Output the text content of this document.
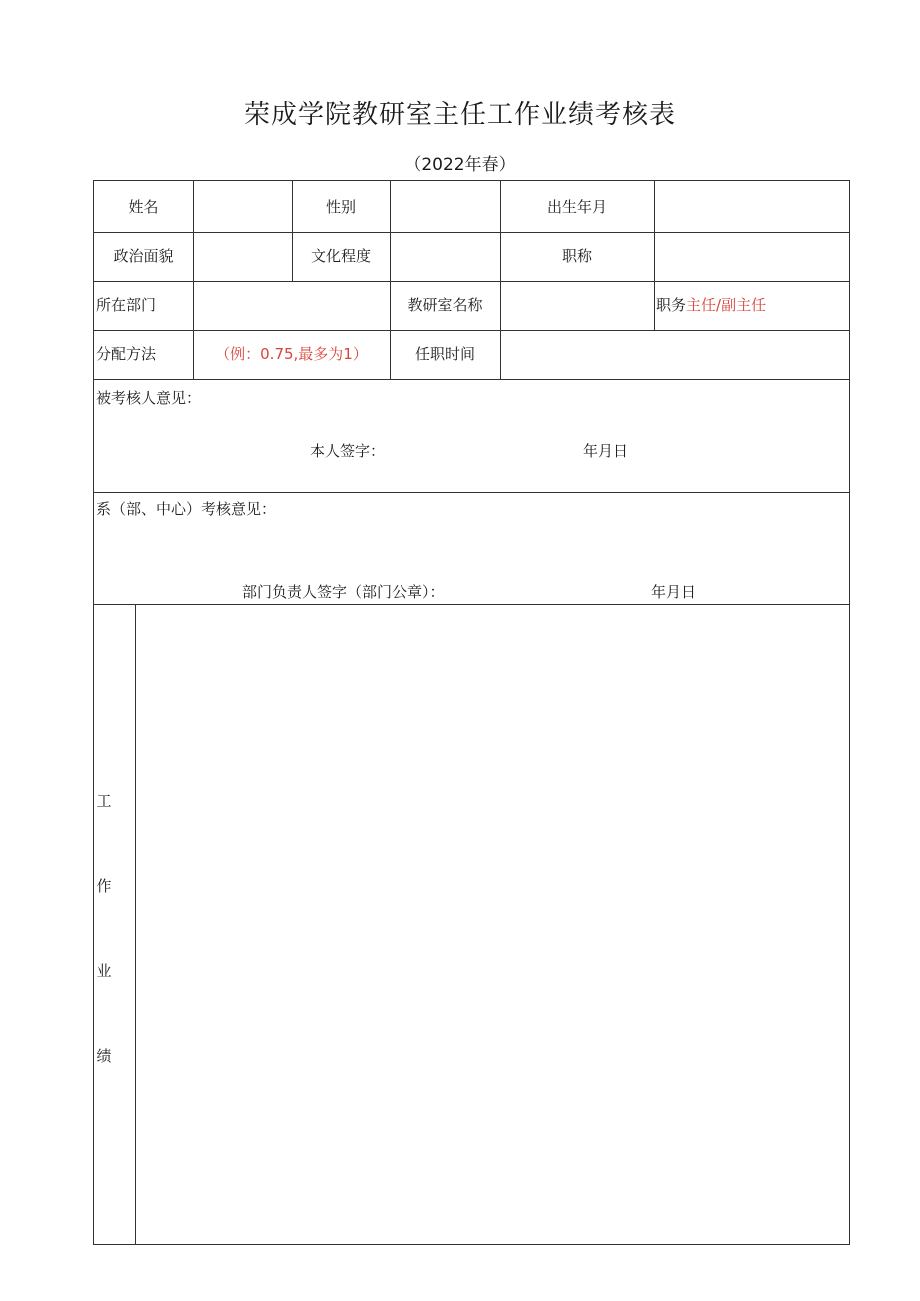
荣成学院教研室主任工作业绩考核表
（2022年春）
姓名	性别	出生年月
政治面貌	文化程度	职称
所在部门	教研室名称	职务主任/副主任
分配方法	（例：0.75,最多为1）	任职时间
被考核人意见：
本人签字：	年月日
系（部、中心）考核意见：
部门负责人签字（部门公章）：	年月日
工
作
业
绩
